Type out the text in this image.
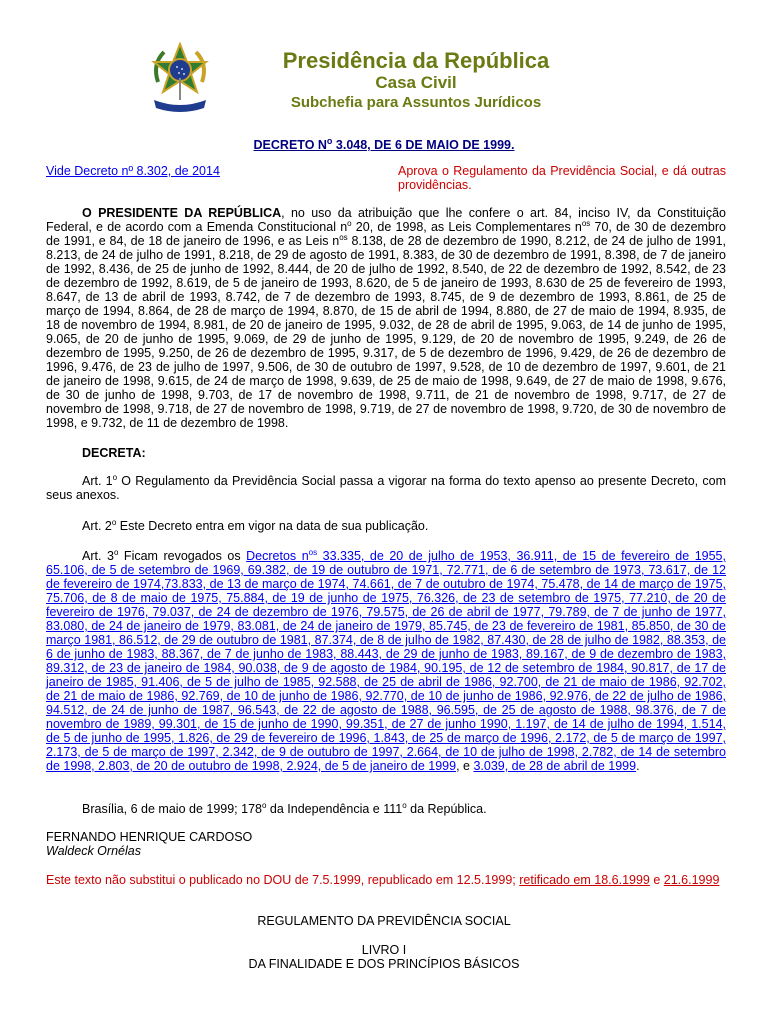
Presidência da República
Casa Civil
Subchefia para Assuntos Jurídicos
DECRETO N$^o$ 3.048, DE 6 DE MAIO DE 1999.
Vide Decreto nº 8.302, de 2014	Aprova o Regulamento da Previdência Social, e dá outras providências.

O PRESIDENTE DA REPÚBLICA, no uso da atribuição que lhe confere o art. 84, inciso IV, da Constituição Federal, e de acordo com a Emenda Constitucional $n^o$ 20, de 1998, as Leis Complementares $n^{os}$ 70, de 30 de dezembro de 1991, e 84, de 18 de janeiro de 1996, e as Leis $n^{os}$ 8.138, de 28 de dezembro de 1990, 8.212, de 24 de julho de 1991, 8.213, de 24 de julho de 1991, 8.218, de 29 de agosto de 1991, 8.383, de 30 de dezembro de 1991, 8.398, de 7 de janeiro de 1992, 8.436, de 25 de junho de 1992, 8.444, de 20 de julho de 1992, 8.540, de 22 de dezembro de 1992, 8.542, de 23 de dezembro de 1992, 8.619, de 5 de janeiro de 1993, 8.620, de 5 de janeiro de 1993, 8.630 de 25 de fevereiro de 1993, 8.647, de 13 de abril de 1993, 8.742, de 7 de dezembro de 1993, 8.745, de 9 de dezembro de 1993, 8.861, de 25 de março de 1994, 8.864, de 28 de março de 1994, 8.870, de 15 de abril de 1994, 8.880, de 27 de maio de 1994, 8.935, de 18 de novembro de 1994, 8.981, de 20 de janeiro de 1995, 9.032, de 28 de abril de 1995, 9.063, de 14 de junho de 1995, 9.065, de 20 de junho de 1995, 9.069, de 29 de junho de 1995, 9.129, de 20 de novembro de 1995, 9.249, de 26 de dezembro de 1995, 9.250, de 26 de dezembro de 1995, 9.317, de 5 de dezembro de 1996, 9.429, de 26 de dezembro de 1996, 9.476, de 23 de julho de 1997, 9.506, de 30 de outubro de 1997, 9.528, de 10 de dezembro de 1997, 9.601, de 21 de janeiro de 1998, 9.615, de 24 de março de 1998, 9.639, de 25 de maio de 1998, 9.649, de 27 de maio de 1998, 9.676, de 30 de junho de 1998, 9.703, de 17 de novembro de 1998, 9.711, de 21 de novembro de 1998, 9.717, de 27 de novembro de 1998, 9.718, de 27 de novembro de 1998, 9.719, de 27 de novembro de 1998, 9.720, de 30 de novembro de 1998, e 9.732, de 11 de dezembro de 1998.

DECRETA:

Art. 1$^o$ O Regulamento da Previdência Social passa a vigorar na forma do texto apenso ao presente Decreto, com seus anexos.

Art. 2$^o$ Este Decreto entra em vigor na data de sua publicação.

Art. 3$^o$ Ficam revogados os Decretos n$^{os}$ 33.335, de 20 de julho de 1953, 36.911, de 15 de fevereiro de 1955, 65.106, de 5 de setembro de 1969, 69.382, de 19 de outubro de 1971, 72.771, de 6 de setembro de 1973, 73.617, de 12 de fevereiro de 1974,73.833, de 13 de março de 1974, 74.661, de 7 de outubro de 1974, 75.478, de 14 de março de 1975, 75.706, de 8 de maio de 1975, 75.884, de 19 de junho de 1975, 76.326, de 23 de setembro de 1975, 77.210, de 20 de fevereiro de 1976, 79.037, de 24 de dezembro de 1976, 79.575, de 26 de abril de 1977, 79.789, de 7 de junho de 1977, 83.080, de 24 de janeiro de 1979, 83.081, de 24 de janeiro de 1979, 85.745, de 23 de fevereiro de 1981, 85.850, de 30 de março 1981, 86.512, de 29 de outubro de 1981, 87.374, de 8 de julho de 1982, 87.430, de 28 de julho de 1982, 88.353, de 6 de junho de 1983, 88.367, de 7 de junho de 1983, 88.443, de 29 de junho de 1983, 89.167, de 9 de dezembro de 1983, 89.312, de 23 de janeiro de 1984, 90.038, de 9 de agosto de 1984, 90.195, de 12 de setembro de 1984, 90.817, de 17 de janeiro de 1985, 91.406, de 5 de julho de 1985, 92.588, de 25 de abril de 1986, 92.700, de 21 de maio de 1986, 92.702, de 21 de maio de 1986, 92.769, de 10 de junho de 1986, 92.770, de 10 de junho de 1986, 92.976, de 22 de julho de 1986, 94.512, de 24 de junho de 1987, 96.543, de 22 de agosto de 1988, 96.595, de 25 de agosto de 1988, 98.376, de 7 de novembro de 1989, 99.301, de 15 de junho de 1990, 99.351, de 27 de junho 1990, 1.197, de 14 de julho de 1994, 1.514, de 5 de junho de 1995, 1.826, de 29 de fevereiro de 1996, 1.843, de 25 de março de 1996, 2.172, de 5 de março de 1997, 2.173, de 5 de março de 1997, 2.342, de 9 de outubro de 1997, 2.664, de 10 de julho de 1998, 2.782, de 14 de setembro de 1998, 2.803, de 20 de outubro de 1998, 2.924, de 5 de janeiro de 1999, e 3.039, de 28 de abril de 1999.

Brasília, 6 de maio de 1999; 178$^o$ da Independência e 111$^o$ da República.

FERNANDO HENRIQUE CARDOSO

Waldeck Ornélas

Este texto não substitui o publicado no DOU de 7.5.1999, republicado em 12.5.1999; retificado em 18.6.1999 e 21.6.1999

REGULAMENTO DA PREVIDÊNCIA SOCIAL
LIVRO I
DA FINALIDADE E DOS PRINCÍPIOS BÁSICOS
